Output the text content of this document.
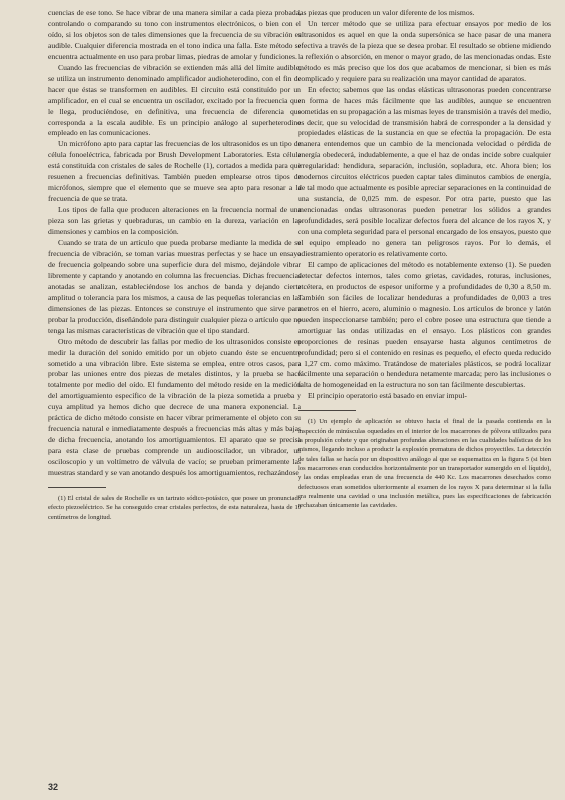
cuencias de ese tono. Se hace vibrar de una manera similar a cada pieza probada, controlando o comparando su tono con instrumentos electrónicos, o bien con el oído, si los objetos son de tales dimensiones que la frecuencia de su vibración es audible. Cualquier diferencia mostrada en el tono indica una falla. Este método se encuentra actualmente en uso para probar limas, piedras de amolar y fundiciones.

Cuando las frecuencias de vibración se extienden más allá del límite audible, se utiliza un instrumento denominado amplificador audioheterodino, con el fin de hacer que éstas se transformen en audibles. El circuito está constituído por un amplificador, en el cual se encuentra un oscilador, excitado por la frecuencia que le llega, produciéndose, en definitiva, una frecuencia de diferencia que corresponda a la escala audible. Es un principio análogo al superheterodino empleado en las comunicaciones.

Un micrófono apto para captar las frecuencias de los ultrasonidos es un tipo de célula fonoeléctrica, fabricada por Brush Development Laboratories. Esta célula está constituída con cristales de sales de Rochelle (1), cortados a medida para que resuenen a frecuencias definitivas. También pueden emplearse otros tipos de micrófonos, siempre que el elemento que se mueve sea apto para resonar a la frecuencia de que se trata.

Los tipos de falla que producen alteraciones en la frecuencia normal de una pieza son las grietas y quebraduras, un cambio en la dureza, variación en las dimensiones y cambios en la composición.

Cuando se trata de un artículo que pueda probarse mediante la medida de su frecuencia de vibración, se toman varias muestras perfectas y se hace un ensayo de frecuencia golpeando sobre una superficie dura del mismo, dejándole vibrar libremente y captando y anotando en columna las frecuencias. Dichas frecuencias anotadas se analizan, estableciéndose los anchos de banda y dejando cierta amplitud o tolerancia para los mismos, a causa de las pequeñas tolerancias en las dimensiones de las piezas. Entonces se construye el instrumento que sirve para probar la producción, diseñándole para distinguir cualquier pieza o artículo que no tenga las mismas características de vibración que el tipo standard.

Otro método de descubrir las fallas por medio de los ultrasonidos consiste en medir la duración del sonido emitido por un objeto cuando éste se encuentre sometido a una vibración libre. Este sistema se emplea, entre otros casos, para probar las uniones entre dos piezas de metales distintos, y la prueba se hace totalmente por medio del oído. El fundamento del método reside en la medición del amortiguamiento específico de la vibración de la pieza sometida a prueba y cuya amplitud ya hemos dicho que decrece de una manera exponencial. La práctica de dicho método consiste en hacer vibrar primeramente el objeto con su frecuencia natural e inmediatamente después a frecuencias más altas y más bajas de dicha frecuencia, anotando los amortiguamientos. El aparato que se precisa para esta clase de pruebas comprende un audiooscilador, un vibrador, un osciloscopio y un voltímetro de válvula de vacío; se prueban primeramente las muestras standard y se van anotando después los amortiguamientos, rechazándose

(1) El cristal de sales de Rochelle es un tartrato sódico-potásico, que posee un pronunciado efecto piezoeléctrico. Se ha conseguido crear cristales perfectos, de esta naturaleza, hasta de 10 centímetros de longitud.

las piezas que producen un valor diferente de los mismos.

Un tercer método que se utiliza para efectuar ensayos por medio de los ultrasonidos es aquel en que la onda supersónica se hace pasar de una manera efectiva a través de la pieza que se desea probar. El resultado se obtiene midiendo la reflexión o absorción, en menor o mayor grado, de las mencionadas ondas. Este método es más preciso que los dos que acabamos de mencionar, si bien es más complicado y requiere para su realización una mayor cantidad de aparatos.

En efecto; sabemos que las ondas elásticas ultrasonoras pueden concentrarse en forma de haces más fácilmente que las audibles, aunque se encuentren sometidas en su propagación a las mismas leyes de transmisión a través del medio, es decir, que su velocidad de transmisión habrá de corresponder a la densidad y propiedades elásticas de la sustancia en que se efectúa la propagación. De esta manera entendemos que un cambio de la mencionada velocidad o pérdida de energía obedecerá, indudablemente, a que el haz de ondas incide sobre cualquier irregularidad: hendidura, separación, inclusión, sopladura, etc. Ahora bien; los modernos circuitos eléctricos pueden captar tales diminutos cambios de energía, de tal modo que actualmente es posible apreciar separaciones en la continuidad de una sustancia, de 0,025 mm. de espesor. Por otra parte, puesto que las mencionadas ondas ultrasonoras pueden penetrar los sólidos a grandes profundidades, será posible localizar defectos fuera del alcance de los rayos X, y con una completa seguridad para el personal encargado de los ensayos, puesto que el equipo empleado no genera tan peligrosos rayos. Por lo demás, el adiestramiento operatorio es relativamente corto.

El campo de aplicaciones del método es notablemente extenso (1). Se pueden detectar defectos internos, tales como grietas, cavidades, roturas, inclusiones, etcétera, en productos de espesor uniforme y a profundidades de 0,30 a 8,50 m. También son fáciles de localizar hendeduras a profundidades de 0,003 a tres metros en el hierro, acero, aluminio o magnesio. Los artículos de bronce y latón pueden inspeccionarse también; pero el cobre posee una estructura que tiende a amortiguar las ondas utilizadas en el ensayo. Los plásticos con grandes proporciones de resinas pueden ensayarse hasta algunos centímetros de profundidad; pero si el contenido en resinas es pequeño, el efecto queda reducido a 1,27 cm. como máximo. Tratándose de materiales plásticos, se podrá localizar fácilmente una separación o hendedura netamente marcada; pero las inclusiones o falta de homogeneidad en la estructura no son tan fácilmente descubiertas.

El principio operatorio está basado en enviar impul-

(1) Un ejemplo de aplicación se obtuvo hacia el final de la pasada contienda en la inspección de minúsculas oquedades en el interior de los macarrones de pólvora utilizados para la propulsión cohete y que originaban profundas alteraciones en las cualidades balísticas de los mismos, llegando incluso a producir la explosión prematura de dichos proyectiles. La detección de tales fallas se hacía por un dispositivo análogo al que se esquematiza en la figura 5 (si bien los macarrones eran conducidos horizontalmente por un transportador sumergido en el líquido), y las ondas empleadas eran de una frecuencia de 440 Kc. Los macarrones desechados como defectuosos eran sometidos ulteriormente al examen de los rayos X para determinar si la falla era realmente una cavidad o una inclusión metálica, pues las especificaciones de fabricación rechazaban únicamente las cavidades.

32
